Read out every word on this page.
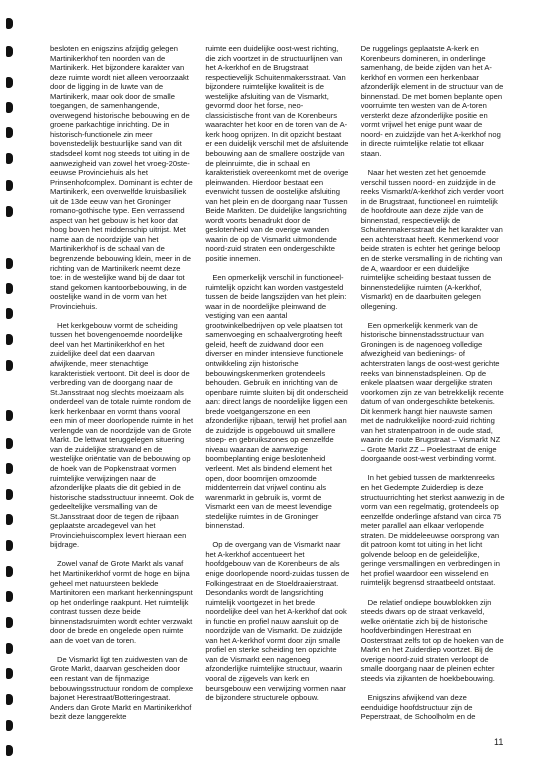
besloten en enigszins afzijdig gelegen Martinikerkhof ten noorden van de Martinikerk. Het bijzondere karakter van deze ruimte wordt niet alleen veroorzaakt door de ligging in de luwte van de Martinikerk, maar ook door de smalle toegangen, de samenhangende, overwegend historische bebouwing en de groene parkachtige inrichting. De in historisch-functionele zin meer bovenstedelijk bestuurlijke sand van dit stadsdeel komt nog steeds tot uiting in de aanwezigheid van zowel het vroeg-20ste-eeuwse Provinciehuis als het Prinsenhofcomplex. Dominant is echter de Martinikerk, een overwelfde kruisbasiliek uit de 13de eeuw van het Groninger romano-gothische type. Een verrassend aspect van het gebouw is het koor dat hoog boven het middenschip uitrijst. Met name aan de noordzijde van het Martinikerkhof is de schaal van de begrenzende bebouwing klein, meer in de richting van de Martinikerk neemt deze toe: in de westelijke wand bij de daar tot stand gekomen kantoorbebouwing, in de oostelijke wand in de vorm van het Provinciehuis.

Het kerkgebouw vormt de scheiding tussen het bovengenoemde noordelijke deel van het Martinikerkhof en het zuidelijke deel dat een daarvan afwijkende, meer stenachtige karakteristiek vertoont. Dit deel is door de verbreding van de doorgang naar de St.Jansstraat nog slechts moeizaam als onderdeel van de totale ruimte rondom de kerk herkenbaar en vormt thans vooral een min of meer doorlopende ruimte in het verlengde van de noordzijde van de Grote Markt. De lettwat teruggelegen situering van de zuidelijke stratwand en de westelijke oriëntatie van de bebouwing op de hoek van de Popkenstraat vormen ruimtelijke verwijzingen naar de afzonderlijke plaats die dit gebied in de historische stadsstructuur inneemt. Ook de gedeeltelijke versmalling van de St.Jansstraat door de tegen de rijbaan geplaatste arcadegevel van het Provinciehuiscomplex levert hieraan een bijdrage.

Zowel vanaf de Grote Markt als vanaf het Martinikerkhof vormt de hoge en bijna geheel met natuursteen beklede Martinitoren een markant herkenningspunt op het onderlinge raakpunt. Het ruimtelijk contrast tussen deze beide binnenstadsruimten wordt echter verzwakt door de brede en ongelede open ruimte aan de voet van de toren.

De Vismarkt ligt ten zuidwesten van de Grote Markt, daarvan gescheiden door een restant van de fijnmazige bebouwingsstructuur rondom de complexe bajonet Herestraat/Botteringestraat. Anders dan Grote Markt en Martinikerkhof bezit deze langgerekte

ruimte een duidelijke oost-west richting, die zich voortzet in de structuurlijnen van het A-kerkhof en de Brugstraat respectievelijk Schuitenmakersstraat. Van bijzondere ruimtelijke kwaliteit is de westelijke afsluiting van de Vismarkt, gevormd door het forse, neo-classicistische front van de Korenbeurs waarachter het koor en de toren van de A-kerk hoog oprijzen. In dit opzicht bestaat er een duidelijk verschil met de afsluitende bebouwing aan de smallere oostzijde van de pleinruimte, die in schaal en karakteristiek overeenkomt met de overige pleinwanden. Hierdoor bestaat een evenwicht tussen de oostelijke afsluiting van het plein en de doorgang naar Tussen Beide Markten. De duidelijke langsrichting wordt voorts benadrukt door de geslotenheid van de overige wanden waarin de op de Vismarkt uitmondende noord-zuid straten een ondergeschikte positie innemen.

Een opmerkelijk verschil in functioneel-ruimtelijk opzicht kan worden vastgesteld tussen de beide langszijden van het plein: waar in de noordelijke pleinwand de vestiging van een aantal grootwinkelbedrijven op vele plaatsen tot samenvoeging en schaalvergroting heeft geleid, heeft de zuidwand door een diverser en minder intensieve functionele ontwikkeling zijn historische bebouwingskenmerken grotendeels behouden. Gebruik en inrichting van de openbare ruimte sluiten bij dit onderscheid aan: direct langs de noordelijke liggen een brede voetgangerszone en een afzonderlijke rijbaan, terwijl het profiel aan de zuidzijde is opgebouwd uit smallere stoep- en gebruikszones op eenzelfde niveau waaraan de aanwezige boombeplanting enige beslotenheid verleent. Met als bindend element het open, door boomrijen omzoomde middenterrein dat vrijwel continu als warenmarkt in gebruik is, vormt de Vismarkt een van de meest levendige stedelijke ruimtes in de Groninger binnenstad.

Op de overgang van de Vismarkt naar het A-kerkhof accentueert het hoofdgebouw van de Korenbeurs de als enige doorlopende noord-zuidas tussen de Folkingestraat en de Stoeldraaierstraat. Desondanks wordt de langsrichting ruimtelijk voortgezet in het brede noordelijke deel van het A-kerkhof dat ook in functie en profiel nauw aansluit op de noordzijde van de Vismarkt. De zuidzijde van het A-kerkhof vormt door zijn smalle profiel en sterke scheiding ten opzichte van de Vismarkt een nagenoeg afzonderlijke ruimtelijke structuur, waarin vooral de zijgevels van kerk en beursgebouw een verwijzing vormen naar de bijzondere structurele opbouw.

De ruggelings geplaatste A-kerk en Korenbeurs domineren, in onderlinge samenhang, de beide zijden van het A-kerkhof en vormen een herkenbaar afzonderlijk element in de structuur van de binnenstad. De met bomen beplante open voorruimte ten westen van de A-toren versterkt deze afzonderlijke positie en vormt vrijwel het enige punt waar de noord- en zuidzijde van het A-kerkhof nog in directe ruimtelijke relatie tot elkaar staan.

Naar het westen zet het genoemde verschil tussen noord- en zuidzijde in de reeks Vismarkt/A-kerkhof zich verder voort in de Brugstraat, functioneel en ruimtelijk de hoofdroute aan deze zijde van de binnenstad, respectievelijk de Schuitenmakersstraat die het karakter van een achterstraat heeft. Kenmerkend voor beide straten is echter het geringe beloop en de sterke versmalling in de richting van de A, waardoor er een duidelijke ruimtelijke scheiding bestaat tussen de binnenstedelijke ruimten (A-kerkhof, Vismarkt) en de daarbuiten gelegen ollegening.

Een opmerkelijk kenmerk van de historische binnenstadsstructuur van Groningen is de nagenoeg volledige afwezigheid van bedienings- of achterstraten langs de oost-west gerichte reeks van binnenstadspleinen. Op de enkele plaatsen waar dergelijke straten voorkomen zijn ze van betrekkelijk recente datum of van ondergeschikte betekenis. Dit kenmerk hangt hier nauwste samen met de nadrukkelijke noord-zuid richting van het stratenpatroon in de oude stad, waarin de route Brugstraat – Vismarkt NZ – Grote Markt ZZ – Poelestraat de enige doorgaande oost-west verbinding vormt.

In het gebied tussen de marktenreeks en het Gedempte Zuiderdiep is deze structuurrichting het sterkst aanwezig in de vorm van een regelmatig, grotendeels op eenzelfde onderlinge afstand van circa 75 meter parallel aan elkaar verlopende straten. De middeleeuwse oorsprong van dit patroon komt tot uiting in het licht golvende beloop en de geleidelijke, geringe versmallingen en verbredingen in het profiel waardoor een wisselend en ruimtelijk begrensd straatbeeld ontstaat.

De relatief ondiepe bouwblokken zijn steeds dwars op de straat verkaveld, welke oriëntatie zich bij de historische hoofdverbindingen Herestraat en Oosterstraat zelfs tot op de hoeken van de Markt en het Zuiderdiep voortzet. Bij de overige noord-zuid straten verloopt de smalle doorgang naar de pleinen echter steeds via zijkanten de hoekbebouwing.

Enigszins afwijkend van deze eenduidige hoofdstructuur zijn de Peperstraat, de Schoolholm en de

11
